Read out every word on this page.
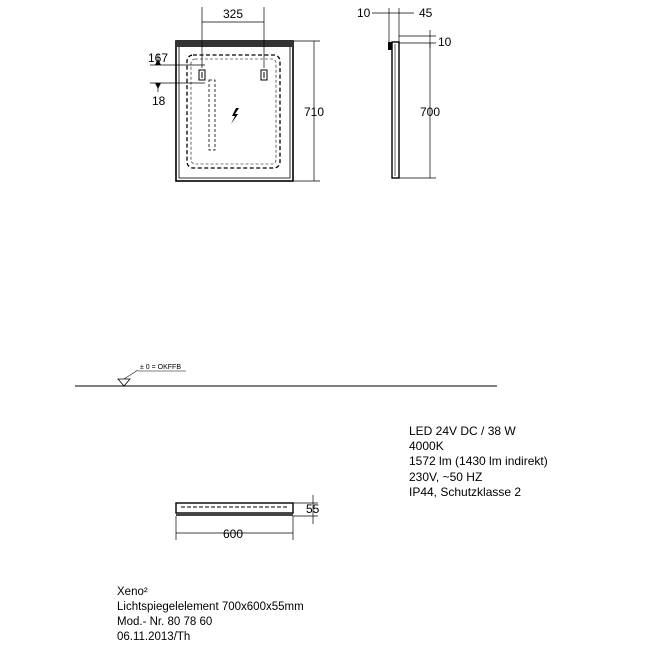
325
167
18
710
10	45
10
700
± 0 = OKFFB
600
55
LED 24V DC / 38 W
4000K
1572 lm (1430 lm indirekt)
230V, ~50 HZ
IP44, Schutzklasse 2
Xeno²
Lichtspiegelelement 700x600x55mm
Mod.- Nr. 80 78 60
06.11.2013/Th
